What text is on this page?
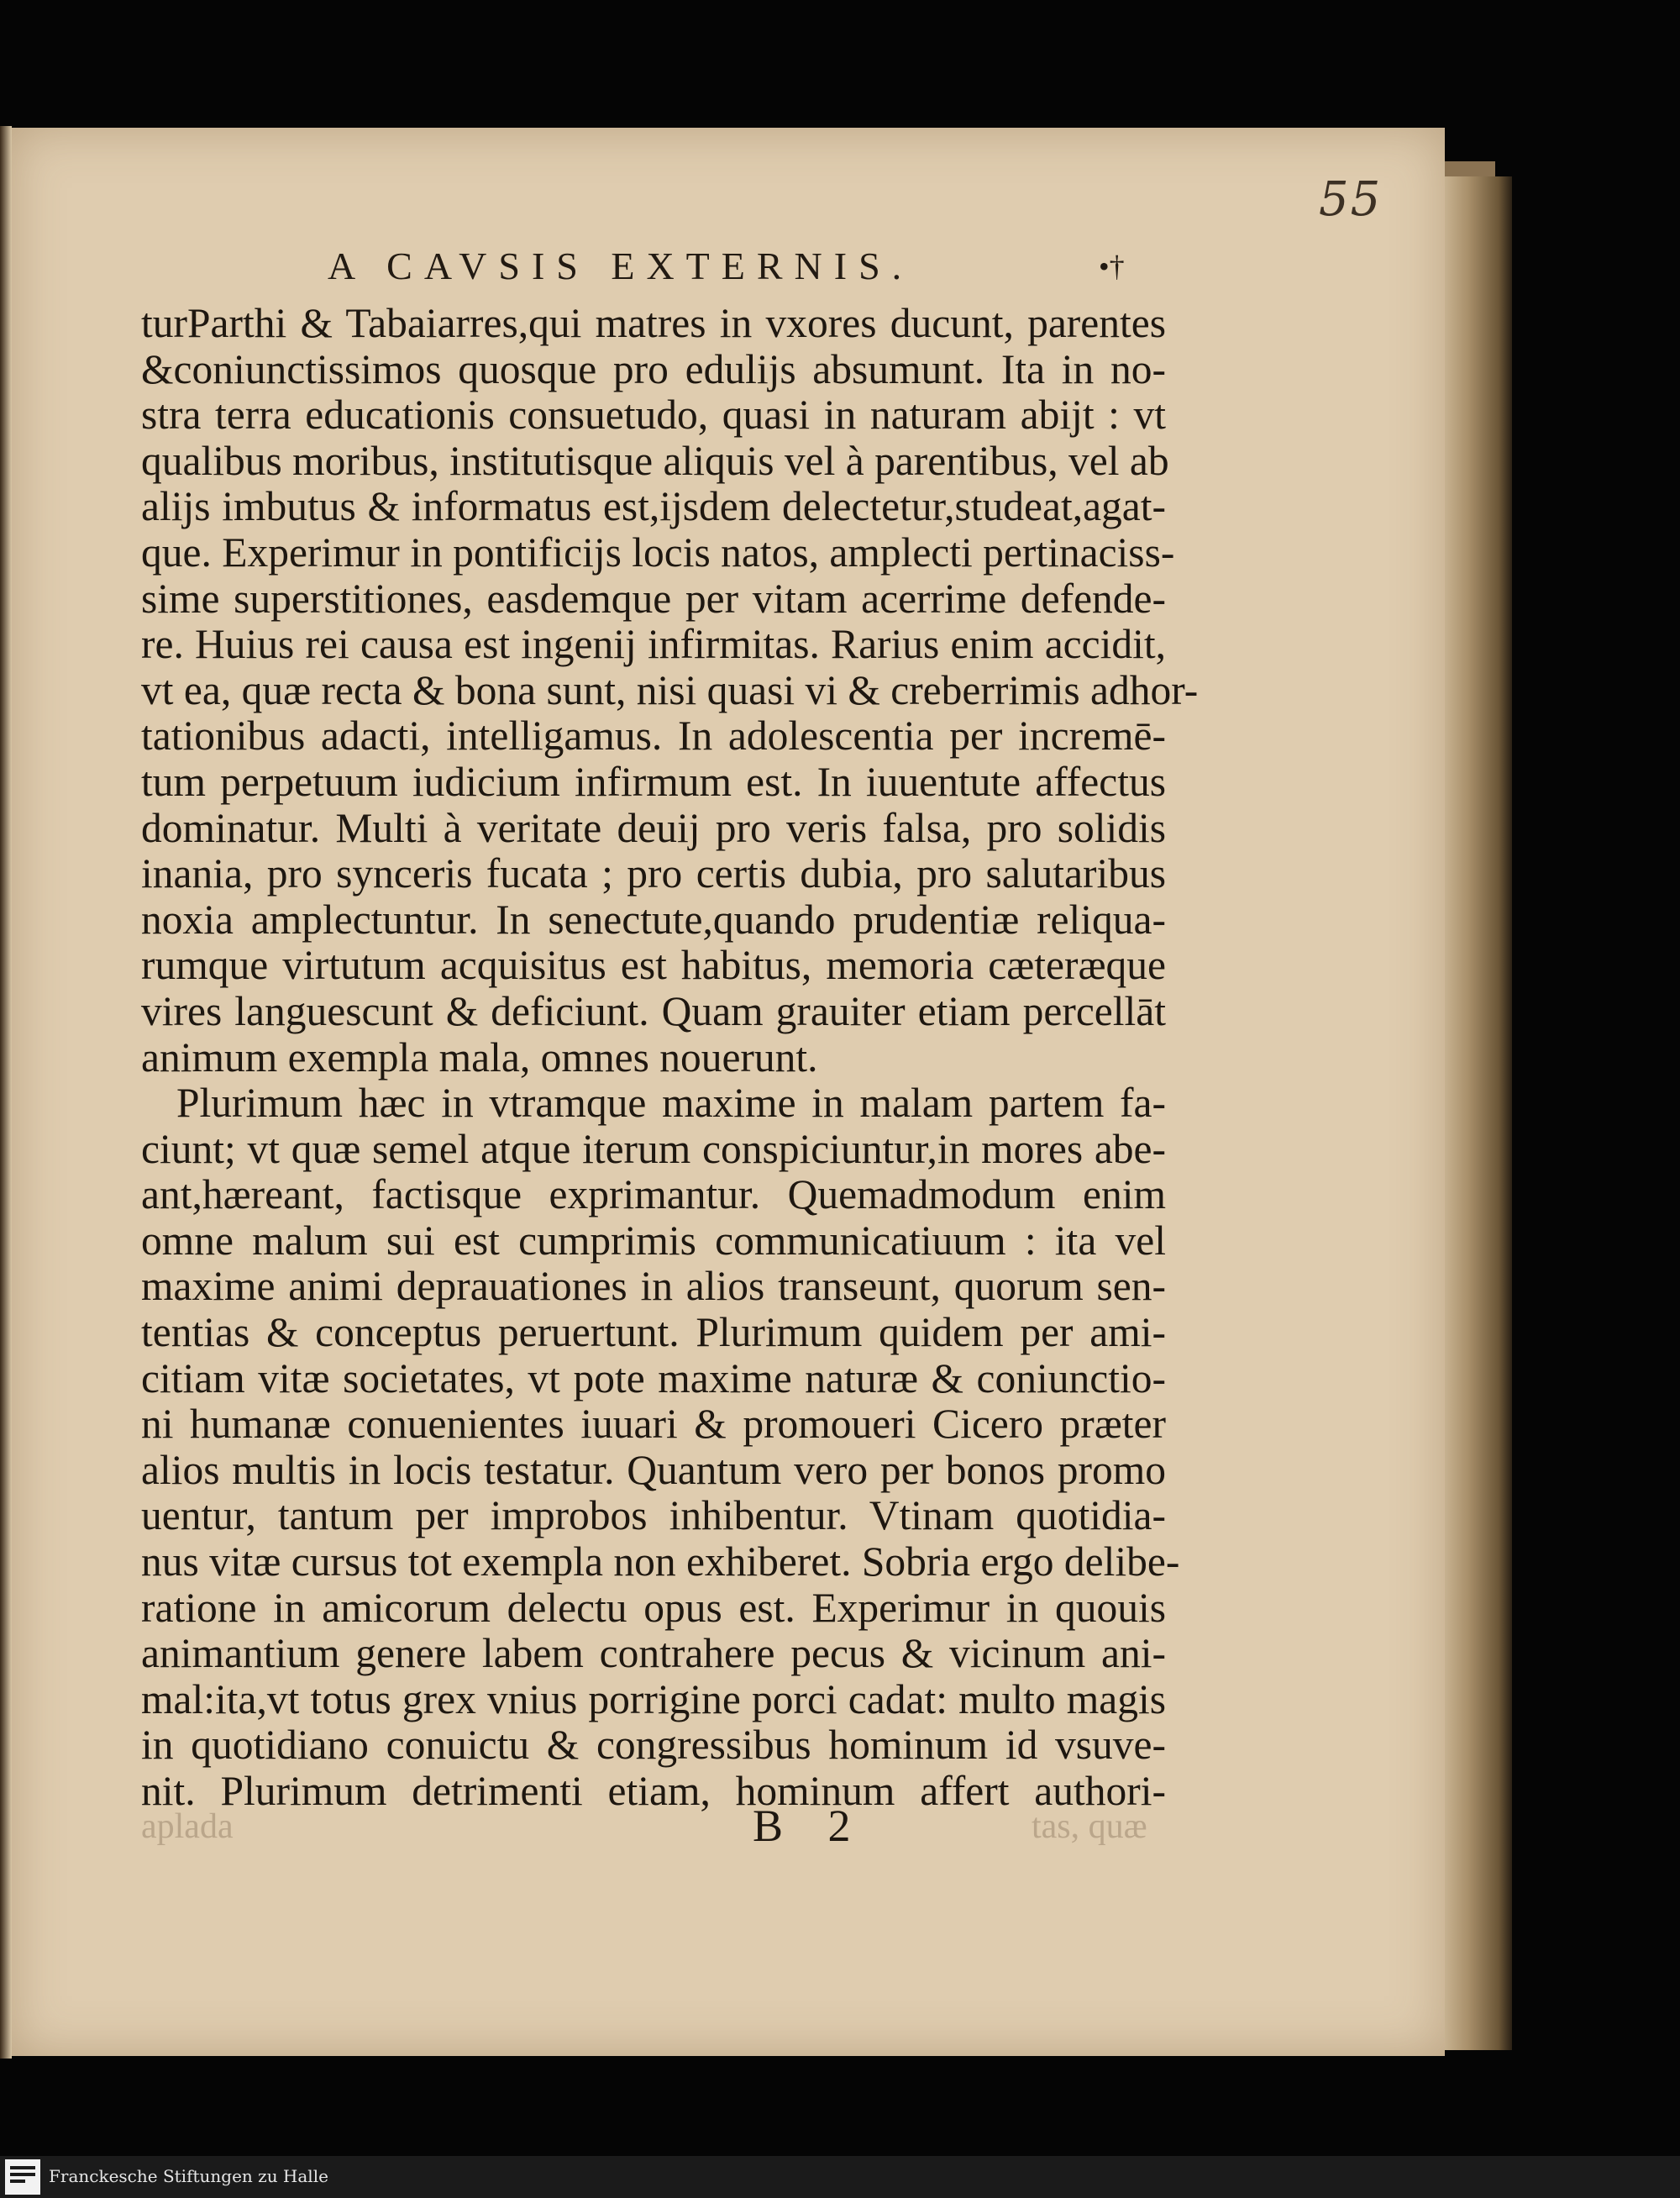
55
A CAVSIS EXTERNIS.	•†
turParthi & Tabaiarres,qui matres in vxores ducunt, parentes
&coniunctissimos quosque pro edulijs absumunt. Ita in no-
stra terra educationis consuetudo, quasi in naturam abijt : vt
qualibus moribus, institutisque aliquis vel à parentibus, vel ab
alijs imbutus & informatus est,ijsdem delectetur,studeat,agat-
que. Experimur in pontificijs locis natos, amplecti pertinaciss-
sime superstitiones, easdemque per vitam acerrime defende-
re. Huius rei causa est ingenij infirmitas. Rarius enim accidit,
vt ea, quæ recta & bona sunt, nisi quasi vi & creberrimis adhor-
tationibus adacti, intelligamus. In adolescentia per incremē-
tum perpetuum iudicium infirmum est. In iuuentute affectus
dominatur. Multi à veritate deuij pro veris falsa, pro solidis
inania, pro synceris fucata ; pro certis dubia, pro salutaribus
noxia amplectuntur. In senectute,quando prudentiæ reliqua-
rumque virtutum acquisitus est habitus, memoria cæteræque
vires languescunt & deficiunt. Quam grauiter etiam percellāt
animum exempla mala, omnes nouerunt.
Plurimum hæc in vtramque maxime in malam partem fa-
ciunt; vt quæ semel atque iterum conspiciuntur,in mores abe-
ant,hæreant, factisque exprimantur. Quemadmodum enim
omne malum sui est cumprimis communicatiuum : ita vel
maxime animi deprauationes in alios transeunt, quorum sen-
tentias & conceptus peruertunt. Plurimum quidem per ami-
citiam vitæ societates, vt pote maxime naturæ & coniunctio-
ni humanæ conuenientes iuuari & promoueri Cicero præter
alios multis in locis testatur. Quantum vero per bonos promo
uentur, tantum per improbos inhibentur. Vtinam quotidia-
nus vitæ cursus tot exempla non exhiberet. Sobria ergo delibe-
ratione in amicorum delectu opus est. Experimur in quouis
animantium genere labem contrahere pecus & vicinum ani-
mal:ita,vt totus grex vnius porrigine porci cadat: multo magis
in quotidiano conuictu & congressibus hominum id vsuve-
nit. Plurimum detrimenti etiam, hominum affert authori-
aplada	B 2	tas, quæ
Franckesche Stiftungen zu Halle
